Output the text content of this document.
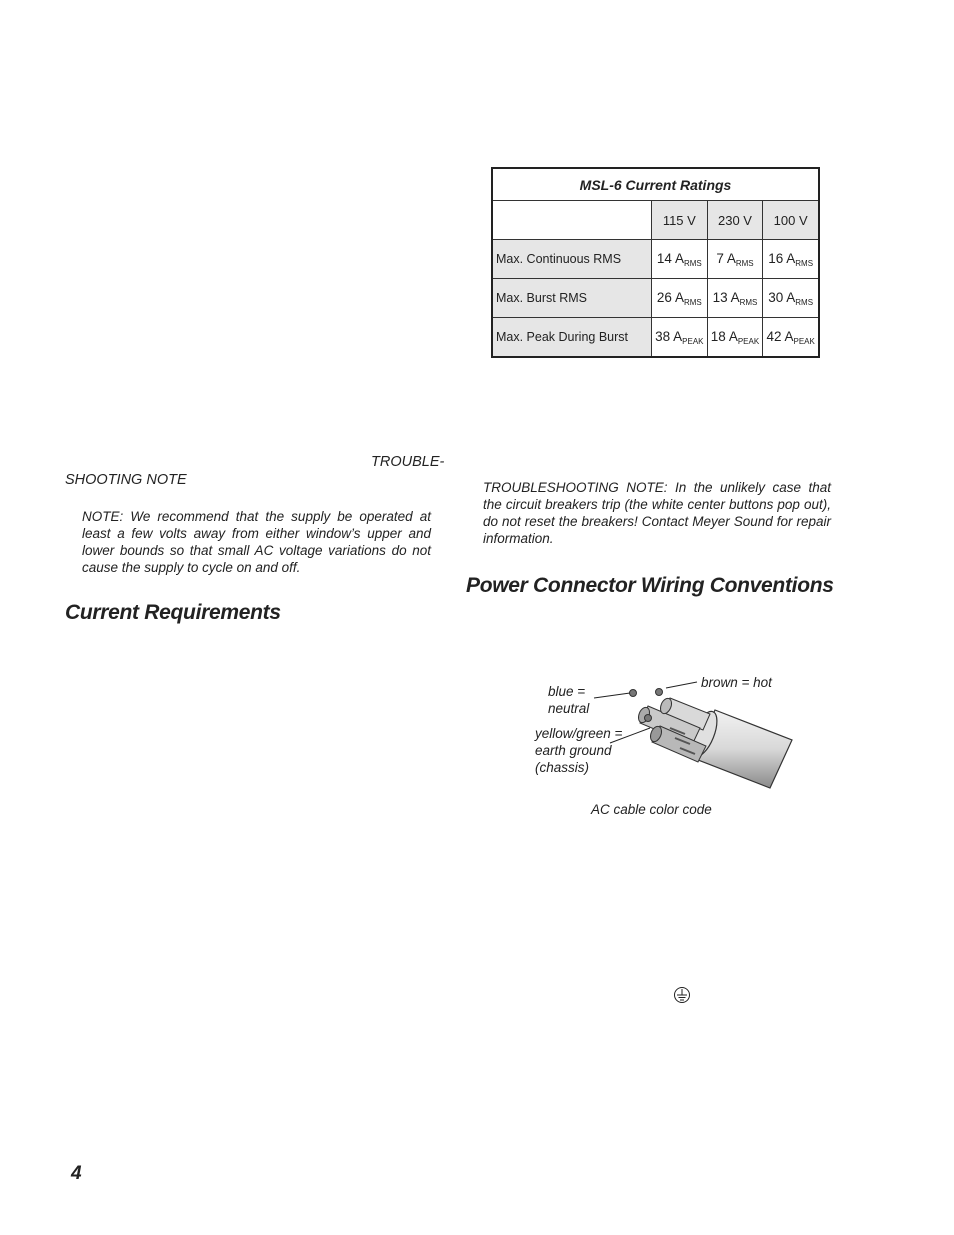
MSL-6 Current Ratings			
	115 V	230 V	100 V
Max. Continuous RMS	14 $A_{RMS}$	7 $A_{RMS}$	16 $A_{RMS}$
Max. Burst RMS	26 $A_{RMS}$	13 $A_{RMS}$	30 $A_{RMS}$
Max. Peak During Burst	38 $A_{PEAK}$	18 $A_{PEAK}$	42 $A_{PEAK}$
TROUBLE-
SHOOTING NOTE
NOTE: We recommend that the supply be operated at least a few volts away from either window’s upper and lower bounds so that small AC voltage variations do not cause the supply to cycle on and off.
Current Requirements
TROUBLESHOOTING NOTE: In the unlikely case that the circuit breakers trip (the white center buttons pop out), do not reset the breakers! Contact Meyer Sound for repair information.
Power Connector Wiring Conventions
brown = hot
blue =
neutral
yellow/green =
earth ground
(chassis)
AC cable color code
4
